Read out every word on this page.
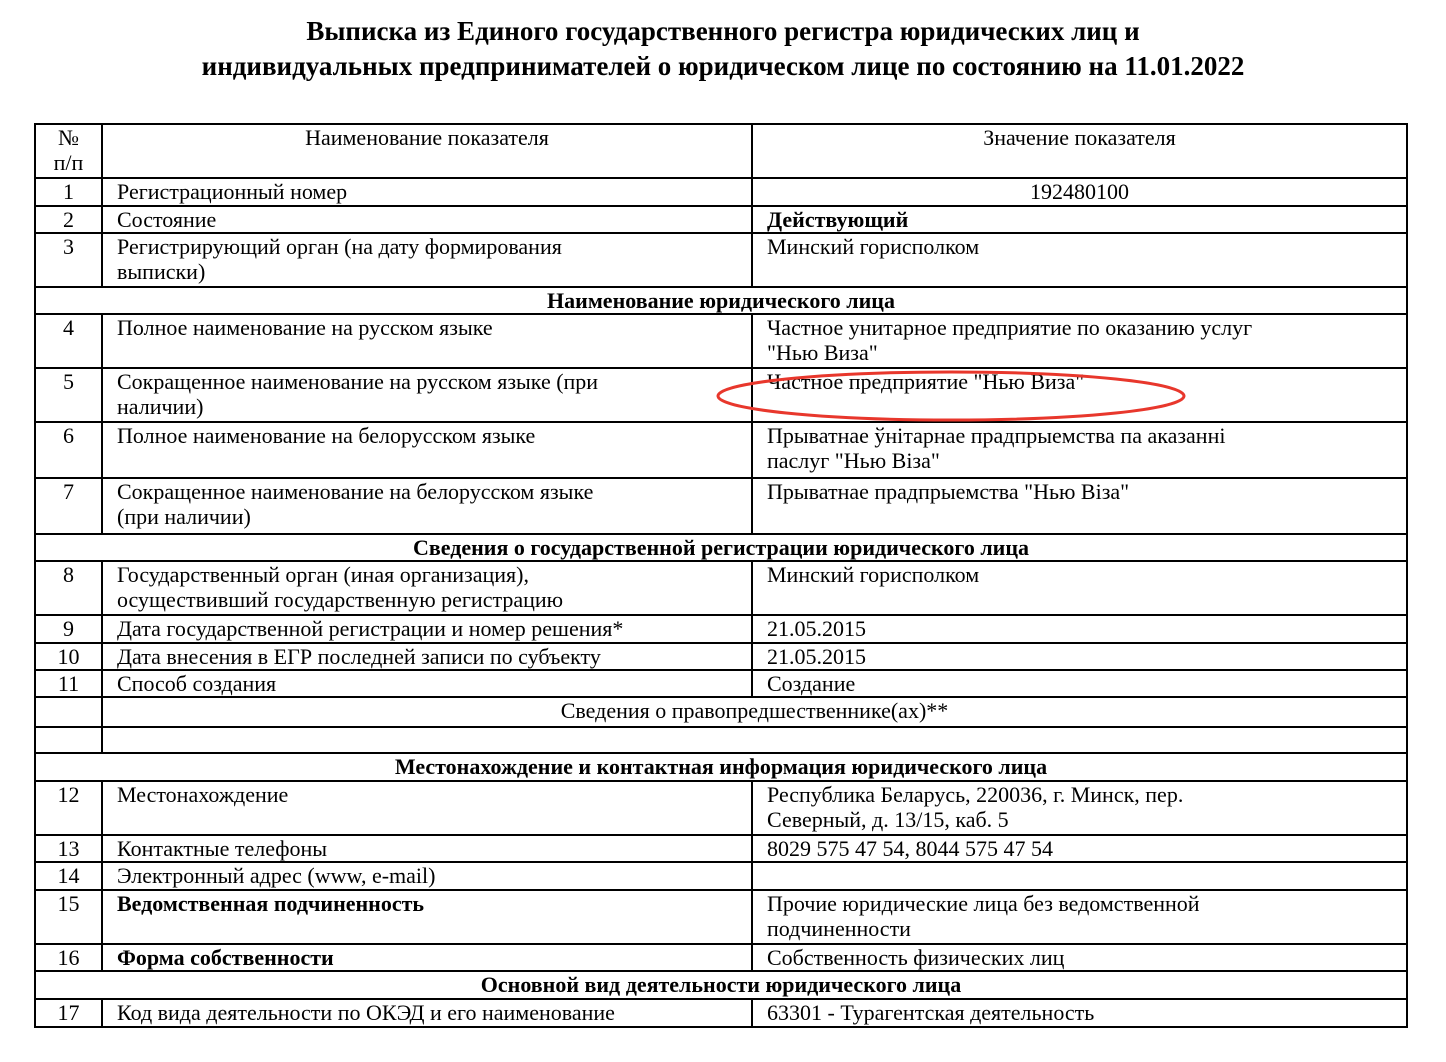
Выписка из Единого государственного регистра юридических лиц и
индивидуальных предпринимателей о юридическом лице по состоянию на 11.01.2022
№
п/п	Наименование показателя	Значение показателя
1	Регистрационный номер	192480100
2	Состояние	Действующий
3	Регистрирующий орган (на дату формирования
выписки)	Минский горисполком
Наименование юридического лица		
4	Полное наименование на русском языке	Частное унитарное предприятие по оказанию услуг
"Нью Виза"

5	Сокращенное наименование на русском языке (при
наличии)	Частное предприятие "Нью Виза"
6	Полное наименование на белорусском языке	Прыватнае ўнітарнае прадпрыемства па аказанні
паслуг "Нью Віза"

7	Сокращенное наименование на белорусском языке
(при наличии)	Прыватнае прадпрыемства "Нью Віза"
Сведения о государственной регистрации юридического лица		
8	Государственный орган (иная организация),
осуществивший государственную регистрацию	Минский горисполком
9	Дата государственной регистрации и номер решения*	21.05.2015
10	Дата внесения в ЕГР последней записи по субъекту	21.05.2015
11	Способ создания	Создание
	Сведения о правопредшественнике(ах)**	

Местонахождение и контактная информация юридического лица		
12	Местонахождение	Республика Беларусь, 220036, г. Минск, пер.
Северный, д. 13/15, каб. 5

13	Контактные телефоны	8029 575 47 54, 8044 575 47 54
14	Электронный адрес (www, e-mail)	
15	Ведомственная подчиненность	Прочие юридические лица без ведомственной
подчиненности

16	Форма собственности	Собственность физических лиц
Основной вид деятельности юридического лица		
17	Код вида деятельности по ОКЭД и его наименование	63301 - Турагентская деятельность
